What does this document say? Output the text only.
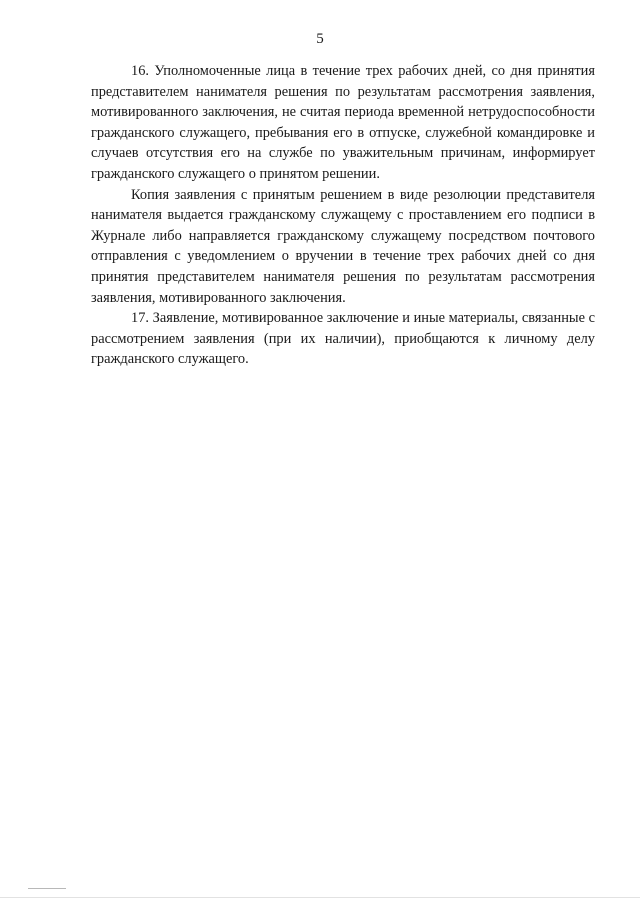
5

16. Уполномоченные лица в течение трех рабочих дней, со дня принятия представителем нанимателя решения по результатам рассмотрения заявления, мотивированного заключения, не считая периода временной нетрудоспособности гражданского служащего, пребывания его в отпуске, служебной командировке и случаев отсутствия его на службе по уважительным причинам, информирует гражданского служащего о принятом решении.

Копия заявления с принятым решением в виде резолюции представителя нанимателя выдается гражданскому служащему с проставлением его подписи в Журнале либо направляется гражданскому служащему посредством почтового отправления с уведомлением о вручении в течение трех рабочих дней со дня принятия представителем нанимателя решения по результатам рассмотрения заявления, мотивированного заключения.

17. Заявление, мотивированное заключение и иные материалы, связанные с рассмотрением заявления (при их наличии), приобщаются к личному делу гражданского служащего.
